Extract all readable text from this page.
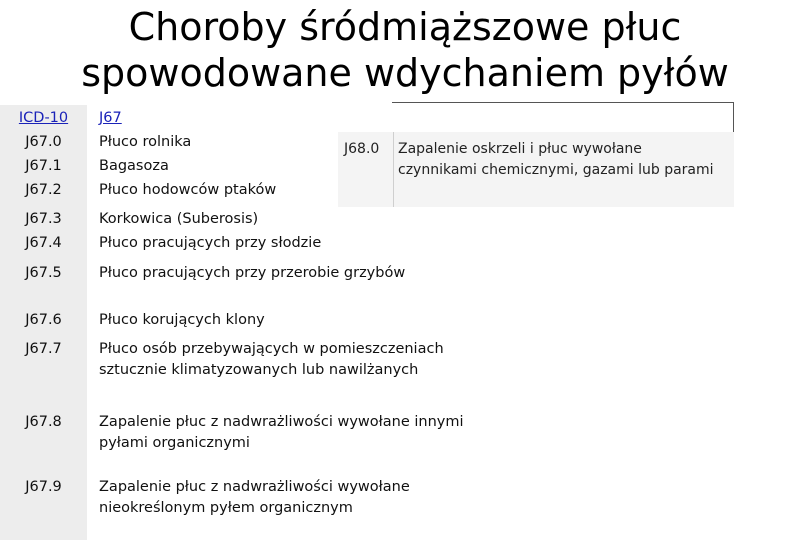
Choroby śródmiąższowe płuc
spowodowane wdychaniem pyłów
ICD-10	J67
J67.0	Płuco rolnika
J67.1	Bagasoza
J67.2	Płuco hodowców ptaków
J67.3	Korkowica (Suberosis)
J67.4	Płuco pracujących przy słodzie
J67.5	Płuco pracujących przy przerobie grzybów
J67.6	Płuco korujących klony
J67.7	Płuco osób przebywających w pomieszczeniach
sztucznie klimatyzowanych lub nawilżanych
J67.8	Zapalenie płuc z nadwrażliwości wywołane innymi
pyłami organicznymi
J67.9	Zapalenie płuc z nadwrażliwości wywołane
nieokreślonym pyłem organicznym
J68.0 Zapalenie oskrzeli i płuc wywołane
czynnikami chemicznymi, gazami lub parami
